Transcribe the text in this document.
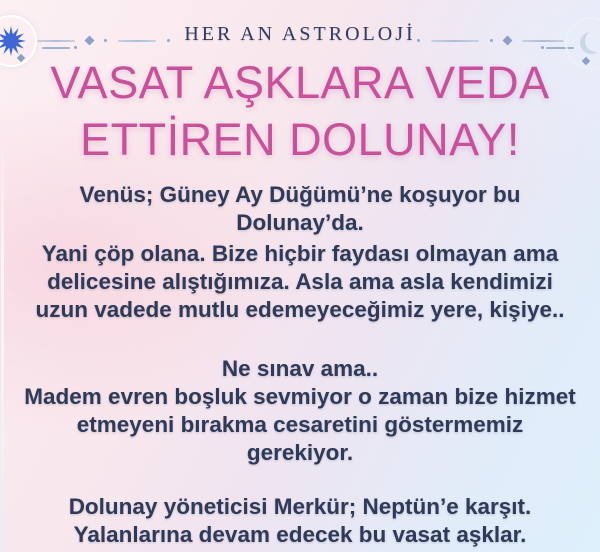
HER AN ASTROLOJİ
VASAT AŞKLARA VEDA
ETTİREN DOLUNAY!
Venüs; Güney Ay Düğümü’ne koşuyor bu
Dolunay’da.
Yani çöp olana. Bize hiçbir faydası olmayan ama
delicesine alıştığımıza. Asla ama asla kendimizi
uzun vadede mutlu edemeyeceğimiz yere, kişiye..
Ne sınav ama..
Madem evren boşluk sevmiyor o zaman bize hizmet
etmeyeni bırakma cesaretini göstermemiz
gerekiyor.
Dolunay yöneticisi Merkür; Neptün’e karşıt.
Yalanlarına devam edecek bu vasat aşklar.
